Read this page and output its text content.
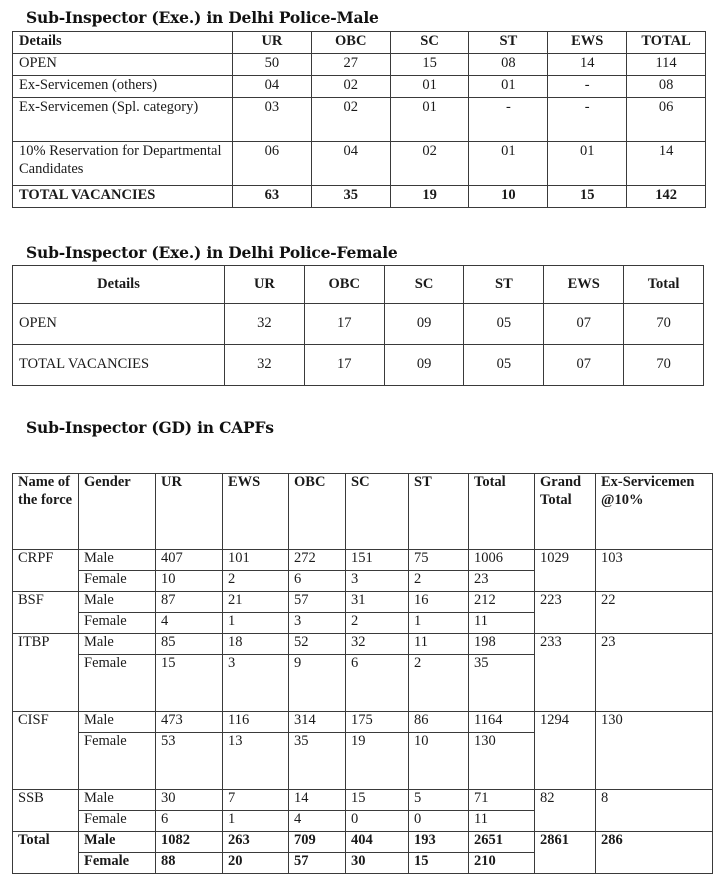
Sub-Inspector (Exe.) in Delhi Police-Male
Details	UR	OBC	SC	ST	EWS	TOTAL
OPEN	50	27	15	08	14	114
Ex-Servicemen (others)	04	02	01	01	-	08
Ex-Servicemen (Spl. category)	03	02	01	-	-	06
10% Reservation for Departmental Candidates	06	04	02	01	01	14
TOTAL VACANCIES	63	35	19	10	15	142
Sub-Inspector (Exe.) in Delhi Police-Female
Details	UR	OBC	SC	ST	EWS	Total
OPEN	32	17	09	05	07	70
TOTAL VACANCIES	32	17	09	05	07	70
Sub-Inspector (GD) in CAPFs
Name of the force	Gender	UR	EWS	OBC	SC	ST	Total	Grand Total	Ex-Servicemen @10%
CRPF	Male	407	101	272	151	75	1006	1029	103
	Female	10	2	6	3	2	23		
BSF	Male	87	21	57	31	16	212	223	22
	Female	4	1	3	2	1	11		
ITBP	Male	85	18	52	32	11	198	233	23
	Female	15	3	9	6	2	35		
CISF	Male	473	116	314	175	86	1164	1294	130
	Female	53	13	35	19	10	130		
SSB	Male	30	7	14	15	5	71	82	8
	Female	6	1	4	0	0	11		
Total	Male	1082	263	709	404	193	2651	2861	286
	Female	88	20	57	30	15	210		
